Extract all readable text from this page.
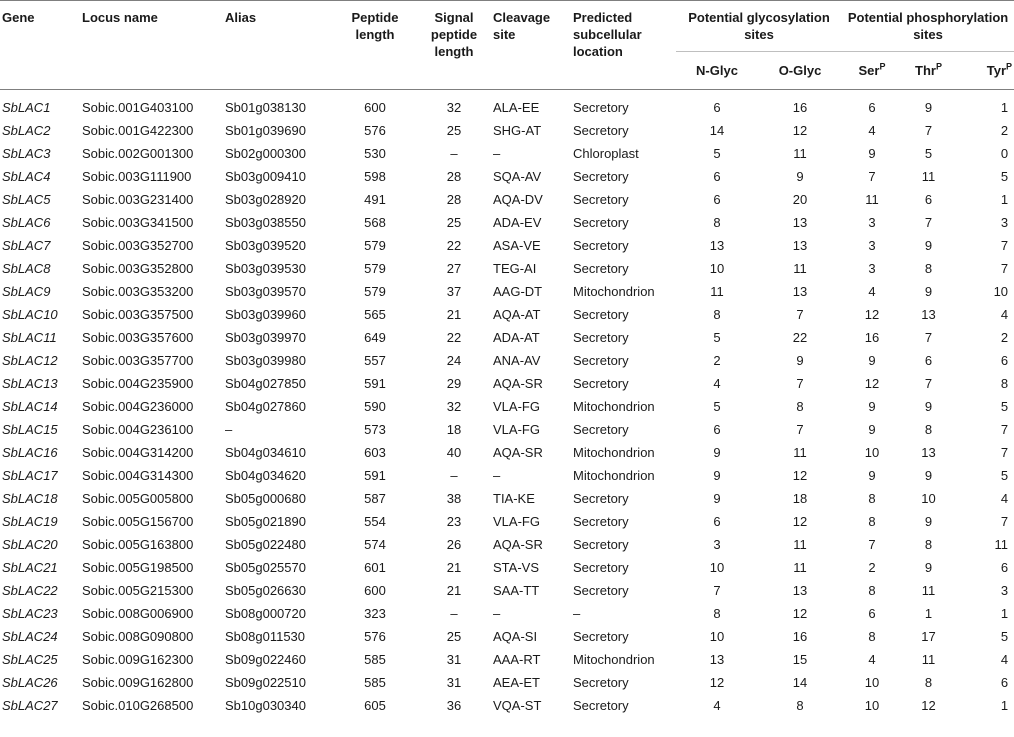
Gene	Locus name	Alias	Peptide length	Signal peptide length	Cleavage site	Predicted subcellular location	Potential glycosylation sites		Potential phosphorylation sites		
							N-Glyc	O-Glyc	Ser$^P$	Thr$^P$	Tyr$^P$
SbLAC1	Sobic.001G403100	Sb01g038130	600	32	ALA-EE	Secretory	6	16	6	9	1
SbLAC2	Sobic.001G422300	Sb01g039690	576	25	SHG-AT	Secretory	14	12	4	7	2
SbLAC3	Sobic.002G001300	Sb02g000300	530	–	–	Chloroplast	5	11	9	5	0
SbLAC4	Sobic.003G111900	Sb03g009410	598	28	SQA-AV	Secretory	6	9	7	11	5
SbLAC5	Sobic.003G231400	Sb03g028920	491	28	AQA-DV	Secretory	6	20	11	6	1
SbLAC6	Sobic.003G341500	Sb03g038550	568	25	ADA-EV	Secretory	8	13	3	7	3
SbLAC7	Sobic.003G352700	Sb03g039520	579	22	ASA-VE	Secretory	13	13	3	9	7
SbLAC8	Sobic.003G352800	Sb03g039530	579	27	TEG-AI	Secretory	10	11	3	8	7
SbLAC9	Sobic.003G353200	Sb03g039570	579	37	AAG-DT	Mitochondrion	11	13	4	9	10
SbLAC10	Sobic.003G357500	Sb03g039960	565	21	AQA-AT	Secretory	8	7	12	13	4
SbLAC11	Sobic.003G357600	Sb03g039970	649	22	ADA-AT	Secretory	5	22	16	7	2
SbLAC12	Sobic.003G357700	Sb03g039980	557	24	ANA-AV	Secretory	2	9	9	6	6
SbLAC13	Sobic.004G235900	Sb04g027850	591	29	AQA-SR	Secretory	4	7	12	7	8
SbLAC14	Sobic.004G236000	Sb04g027860	590	32	VLA-FG	Mitochondrion	5	8	9	9	5
SbLAC15	Sobic.004G236100	–	573	18	VLA-FG	Secretory	6	7	9	8	7
SbLAC16	Sobic.004G314200	Sb04g034610	603	40	AQA-SR	Mitochondrion	9	11	10	13	7
SbLAC17	Sobic.004G314300	Sb04g034620	591	–	–	Mitochondrion	9	12	9	9	5
SbLAC18	Sobic.005G005800	Sb05g000680	587	38	TIA-KE	Secretory	9	18	8	10	4
SbLAC19	Sobic.005G156700	Sb05g021890	554	23	VLA-FG	Secretory	6	12	8	9	7
SbLAC20	Sobic.005G163800	Sb05g022480	574	26	AQA-SR	Secretory	3	11	7	8	11
SbLAC21	Sobic.005G198500	Sb05g025570	601	21	STA-VS	Secretory	10	11	2	9	6
SbLAC22	Sobic.005G215300	Sb05g026630	600	21	SAA-TT	Secretory	7	13	8	11	3
SbLAC23	Sobic.008G006900	Sb08g000720	323	–	–	–	8	12	6	1	1
SbLAC24	Sobic.008G090800	Sb08g011530	576	25	AQA-SI	Secretory	10	16	8	17	5
SbLAC25	Sobic.009G162300	Sb09g022460	585	31	AAA-RT	Mitochondrion	13	15	4	11	4
SbLAC26	Sobic.009G162800	Sb09g022510	585	31	AEA-ET	Secretory	12	14	10	8	6
SbLAC27	Sobic.010G268500	Sb10g030340	605	36	VQA-ST	Secretory	4	8	10	12	1
